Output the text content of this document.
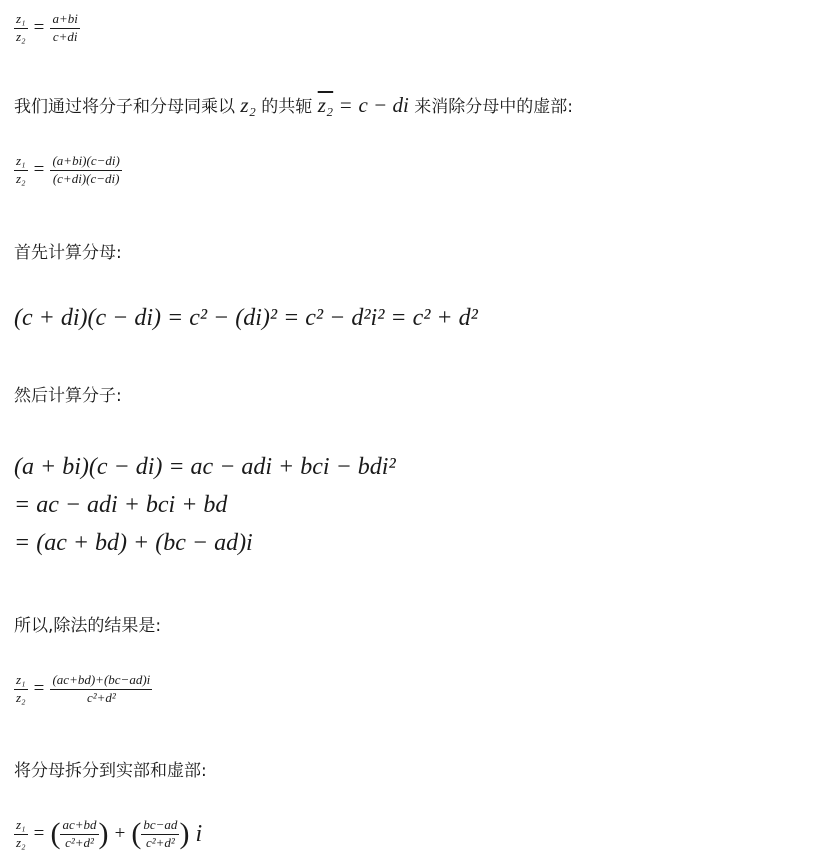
$\frac{\text{z₁}}{\text{z₂}} = \frac{a+bi}{c+di}$
我们通过将分子和分母同乘以 z₂ 的共轭 z₂ = c − di 来消除分母中的虚部:
$\frac{\text{z₁}}{\text{z₂}} = \frac{(a+bi)(c-di)}{(c+di)(c-di)}$
首先计算分母:
(c + di)(c − di) = c² − (di)² = c² − d²i² = c² + d²
然后计算分子:
(a + bi)(c − di) = ac − adi + bci − bdi²
= ac − adi + bci + bd
= (ac + bd) + (bc − ad)i
所以,除法的结果是:
$\frac{\text{z₁}}{\text{z₂}} = \frac{(ac+bd)+(bc-ad)i}{\text{c²+d²}}$
将分母拆分到实部和虚部:
$\frac{\text{z₁}}{\text{z₂}}$ = ( $\frac{ac+bd}{\text{c²+d²}}$ ) + ( $\frac{bc-ad}{\text{c²+d²}}$ ) i
